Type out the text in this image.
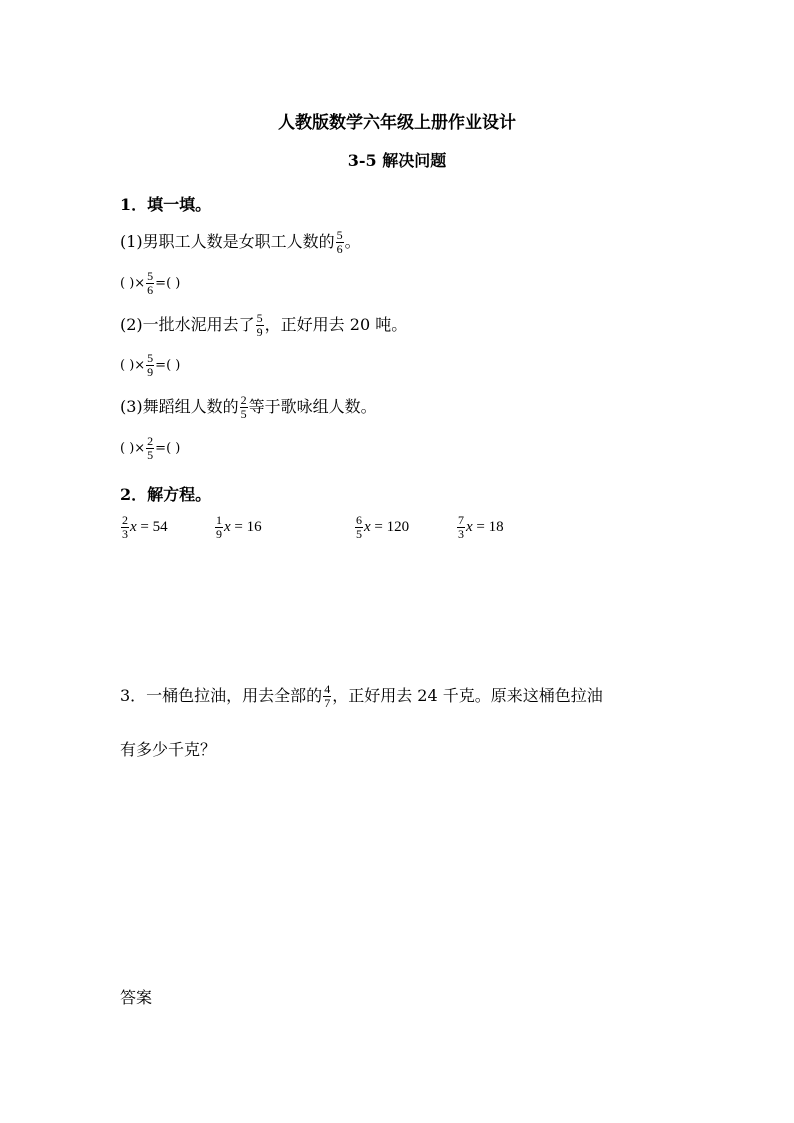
人教版数学六年级上册作业设计
3-5 解决问题
1．填一填。
(1)男职工人数是女职工人数的 $\frac{5}{6}$ 。
( )× $\frac{5}{6}$ =( )
(2)一批水泥用去了 $\frac{5}{9}$ ，正好用去 20 吨。
( )× $\frac{5}{9}$ =( )
(3)舞蹈组人数的 $\frac{2}{5}$ 等于歌咏组人数。
( )× $\frac{2}{5}$ =( )
2．解方程。
$\frac{2}{3}$ x = 54	$\frac{1}{9}$ x = 16	$\frac{6}{5}$ x = 120	$\frac{7}{3}$ x = 18
3．一桶色拉油，用去全部的 $\frac{4}{7}$ ，正好用去 24 千克。原来这桶色拉油
有多少千克？
答案
